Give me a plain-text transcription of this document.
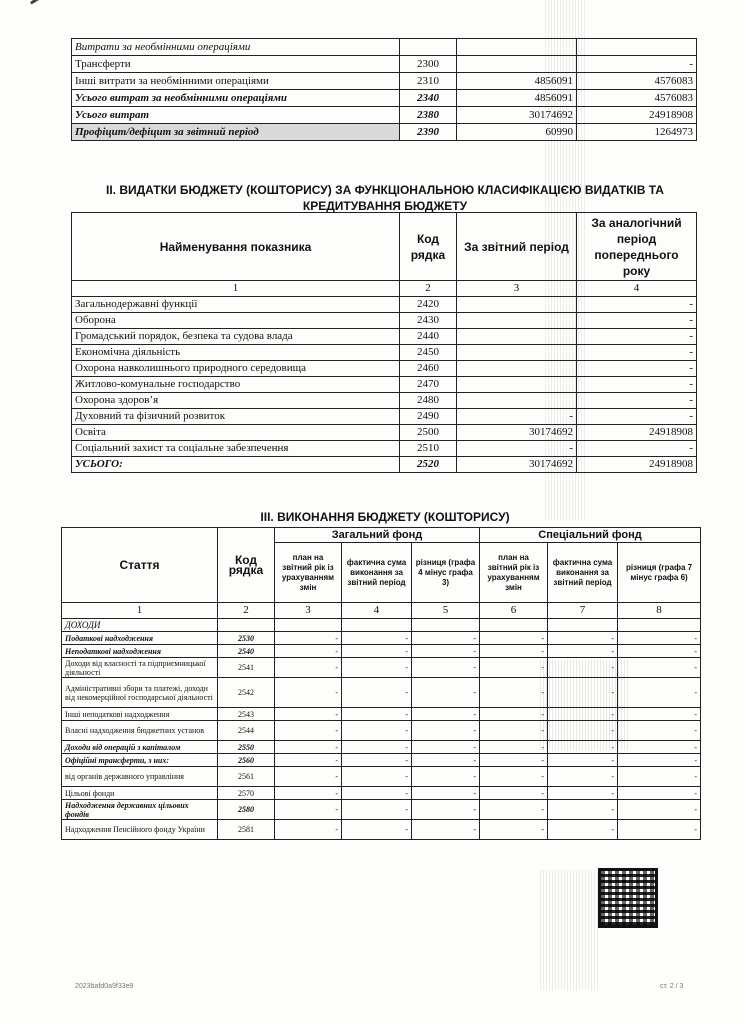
Витрати за необмінними операціями			
Трансферти	2300		-
Інші витрати за необмінними операціями	2310	4856091	4576083
Усього витрат за необмінними операціями	2340	4856091	4576083
Усього витрат	2380	30174692	24918908
Профіцит/дефіцит за звітний період	2390	60990	1264973
II. ВИДАТКИ БЮДЖЕТУ (КОШТОРИСУ) ЗА ФУНКЦІОНАЛЬНОЮ КЛАСИФІКАЦІЄЮ ВИДАТКІВ ТА КРЕДИТУВАННЯ БЮДЖЕТУ
Найменування показника	Код рядка	За звітний період	За аналогічний період попереднього року
1	2	3	4
Загальнодержавні функції	2420		-
Оборона	2430		-
Громадський порядок, безпека та судова влада	2440		-
Економічна діяльність	2450		-
Охорона навколишнього природного середовища	2460		-
Житлово-комунальне господарство	2470		-
Охорона здоров’я	2480		-
Духовний та фізичний розвиток	2490	-	-
Освіта	2500	30174692	24918908
Соціальний захист та соціальне забезпечення	2510	-	-
УСЬОГО:	2520	30174692	24918908
III. ВИКОНАННЯ БЮДЖЕТУ (КОШТОРИСУ)
Стаття	Код рядка	Загальний фонд			Спеціальний фонд		
		план на звітний рік із урахуванням змін	фактична сума виконання за звітний період	різниця (графа 4 мінус графа 3)	план на звітний рік із урахуванням змін	фактична сума виконання за звітний період	різниця (графа 7 мінус графа 6)
1	2	3	4	5	6	7	8
ДОХОДИ							
Податкові надходження	2530	-	-	-	-	-	-
Неподаткові надходження	2540	-	-	-	-	-	-
Доходи від власності та підприємницької діяльності	2541	-	-	-	-	-	-
Адміністративні збори та платежі, доходи від некомерційної господарської діяльності	2542	-	-	-	-	-	-
Інші неподаткові надходження	2543	-	-	-	-	-	-
Власні надходження бюджетних установ	2544	-	-	-	-	-	-
Доходи від операцій з капіталом	2550	-	-	-	-	-	-
Офіційні трансферти, з них:	2560	-	-	-	-	-	-
від органів державного управління	2561	-	-	-	-	-	-
Цільові фонди	2570	-	-	-	-	-	-
Надходження державних цільових фондів	2580	-	-	-	-	-	-
Надходження Пенсійного фонду України	2581	-	-	-	-	-	-
2023bafd0a9f33e9	ст. 2 / 3
